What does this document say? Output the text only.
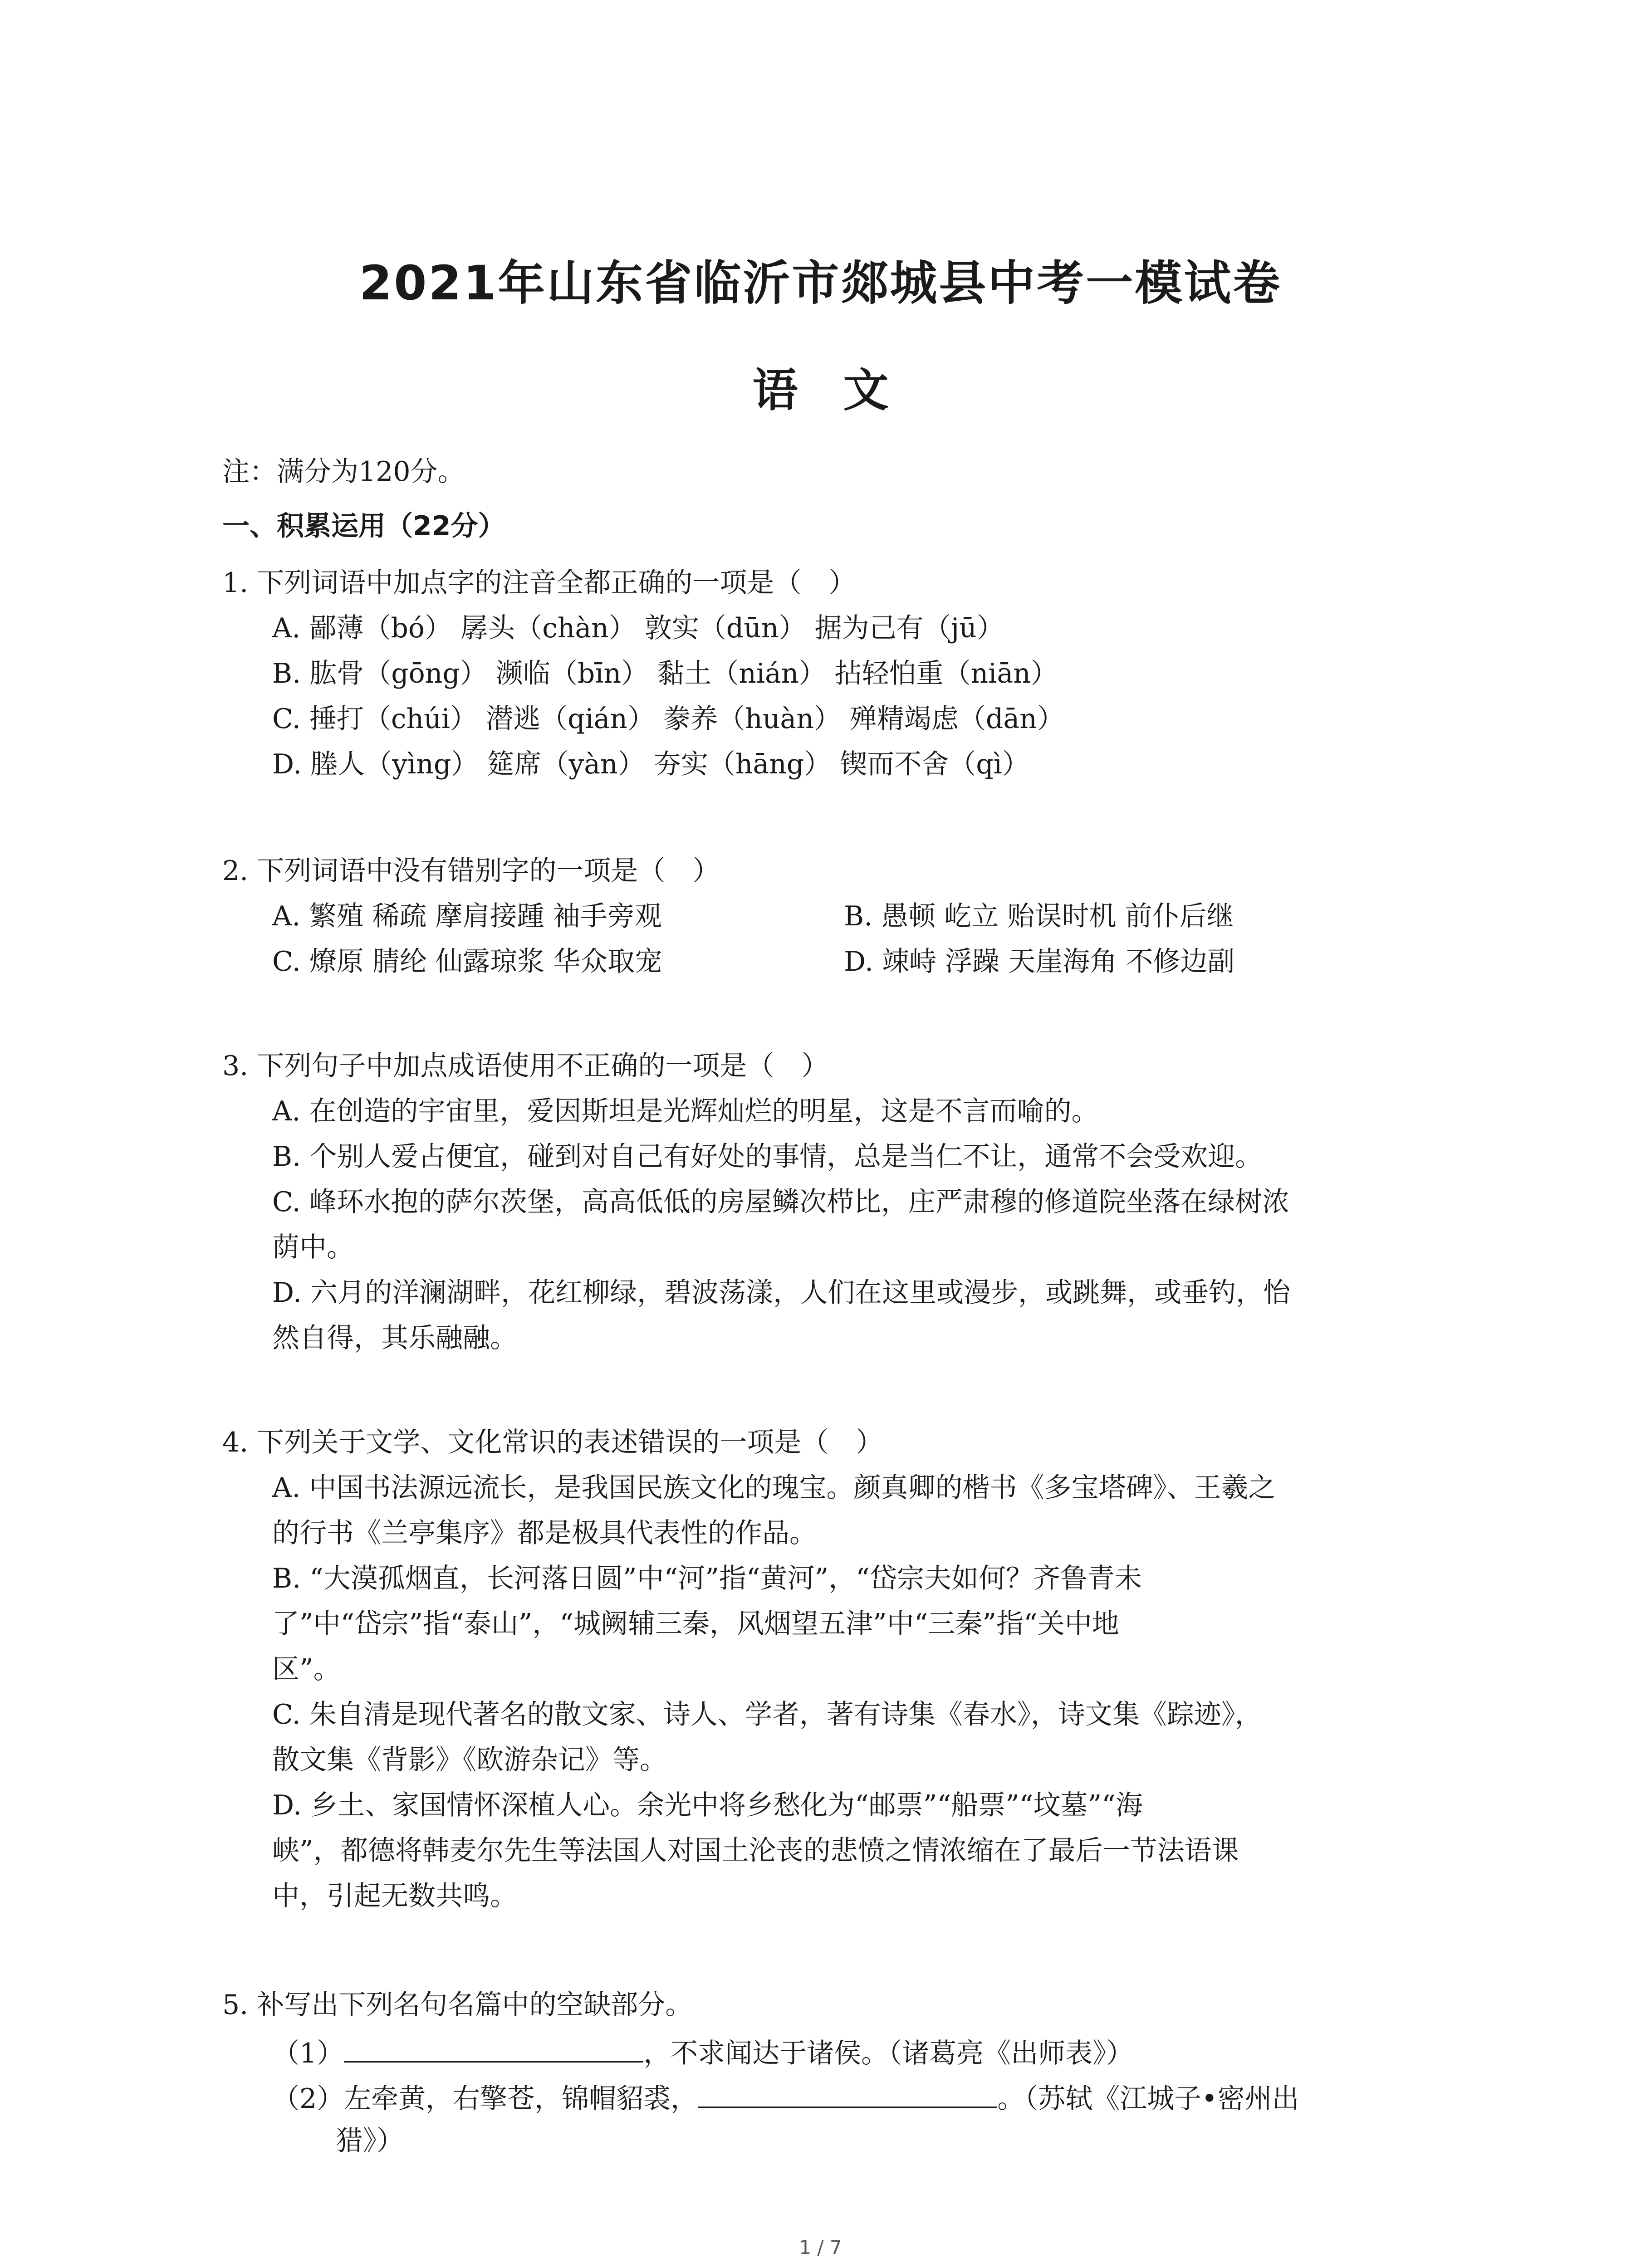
2021年山东省临沂市郯城县中考一模试卷
语 文
注：满分为120分。
一、积累运用（22分）
1. 下列词语中加点字的注音全都正确的一项是（　）
A. 鄙薄（bó） 孱头（chàn） 敦实（dūn） 据为己有（jū）
B. 肱骨（gōng） 濒临（bīn） 黏土（nián） 拈轻怕重（niān）
C. 捶打（chúi） 潜逃（qián） 豢养（huàn） 殚精竭虑（dān）
D. 塍人（yìng） 筵席（yàn） 夯实（hāng） 锲而不舍（qì）
2. 下列词语中没有错别字的一项是（　）
A. 繁殖 稀疏 摩肩接踵 袖手旁观	B. 愚顿 屹立 贻误时机 前仆后继
C. 燎原 腈纶 仙露琼浆 华众取宠	D. 竦峙 浮躁 天崖海角 不修边副
3. 下列句子中加点成语使用不正确的一项是（　）
A. 在创造的宇宙里，爱因斯坦是光辉灿烂的明星，这是不言而喻的。
B. 个别人爱占便宜，碰到对自己有好处的事情，总是当仁不让，通常不会受欢迎。
C. 峰环水抱的萨尔茨堡，高高低低的房屋鳞次栉比，庄严肃穆的修道院坐落在绿树浓
荫中。
D. 六月的洋澜湖畔，花红柳绿，碧波荡漾，人们在这里或漫步，或跳舞，或垂钓，怡
然自得，其乐融融。
4. 下列关于文学、文化常识的表述错误的一项是（　）
A. 中国书法源远流长，是我国民族文化的瑰宝。颜真卿的楷书《多宝塔碑》、王羲之
的行书《兰亭集序》都是极具代表性的作品。
B. “大漠孤烟直，长河落日圆”中“河”指“黄河”，“岱宗夫如何？齐鲁青未
了”中“岱宗”指“泰山”，“城阙辅三秦，风烟望五津”中“三秦”指“关中地
区”。
C. 朱自清是现代著名的散文家、诗人、学者，著有诗集《春水》，诗文集《踪迹》，
散文集《背影》《欧游杂记》等。
D. 乡土、家国情怀深植人心。余光中将乡愁化为“邮票”“船票”“坟墓”“海
峡”，都德将韩麦尔先生等法国人对国土沦丧的悲愤之情浓缩在了最后一节法语课
中，引起无数共鸣。
5. 补写出下列名句名篇中的空缺部分。
（1）	，不求闻达于诸侯。（诸葛亮《出师表》）
（2）左牵黄，右擎苍，锦帽貂裘，	。（苏轼《江城子•密州出
猎》）
1 / 7
